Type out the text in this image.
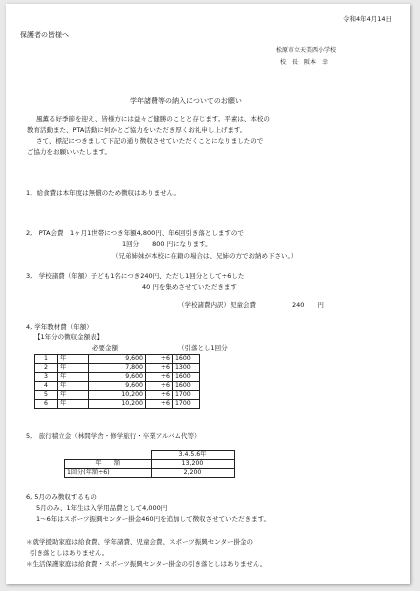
令和4年4月14日
保護者の皆様へ
松原市立天美西小学校
校　長　阪本　幸
学年諸費等の納入についてのお願い
風薫る好季節を迎え、皆様方には益々ご健勝のことと存じます。平素は、本校の
教育活動また、PTA活動に何かとご協力をいただき厚くお礼申し上げます。
さて、標記につきまして下記の通り徴収させていただくことになりましたので
ご協力をお願いいたします。
1．給食費は本年度は無償のため徴収はありません。
2,　PTA会費　1ヶ月1世帯につき年額4,800円、年6回引き落としますので
1回分　　800 円になります。
（兄弟姉妹が本校に在籍の場合は、兄姉の方でお納め下さい。）
3,　学校諸費（年額）子ども1名につき240円、ただし1回分として÷6した
40 円を集めさせていただきます
（学校諸費内訳）児童会費	240　　円
4, 学年教材費（年額）
【1年分の徴収金額表】
必要金額	（引落とし1回分
1	年	9,600	÷6	1600
2	年	7,800	÷6	1300
3	年	9,600	÷6	1600
4	年	9,600	÷6	1600
5	年	10,200	÷6	1700
6	年	10,200	÷6	1700
5,　旅行積立金（林間学舎・修学旅行・卒業アルバム代等）
	3.4.5.6年
年　　額	13,200
1回分(年額÷6)	2,200
6, 5月のみ徴収するもの
5月のみ、1年生は入学用品費として4,000円
1～6年はスポーツ振興センター掛金460円を追加して徴収させていただきます。
＊就学援助家庭は給食費、学年諸費、児童会費、スポーツ振興センター掛金の
引き落としはありません。
＊生活保護家庭は給食費・スポーツ振興センター掛金の引き落としはありません。
